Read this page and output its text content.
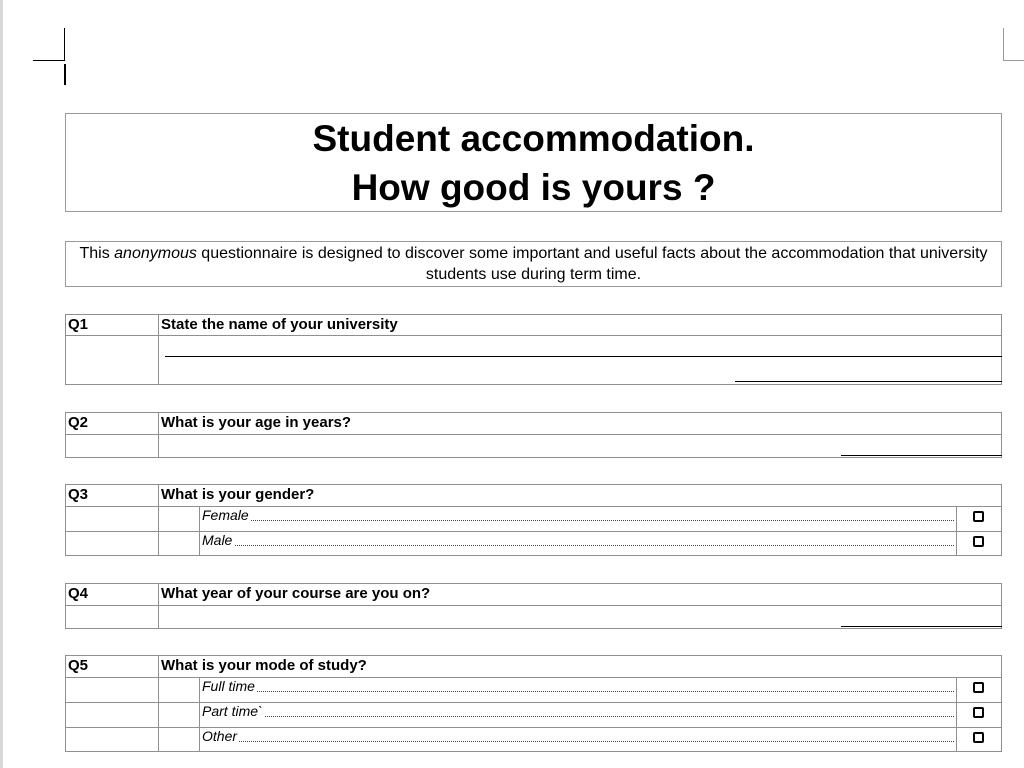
Student accommodation.
How good is yours ?
This anonymous questionnaire is designed to discover some important and useful facts about the accommodation that university students use during term time.
Q1	State the name of your university
Q2	What is your age in years?
Q3	What is your gender?
Female
Male
Q4	What year of your course are you on?
Q5	What is your mode of study?
Full time
Part time`
Other
